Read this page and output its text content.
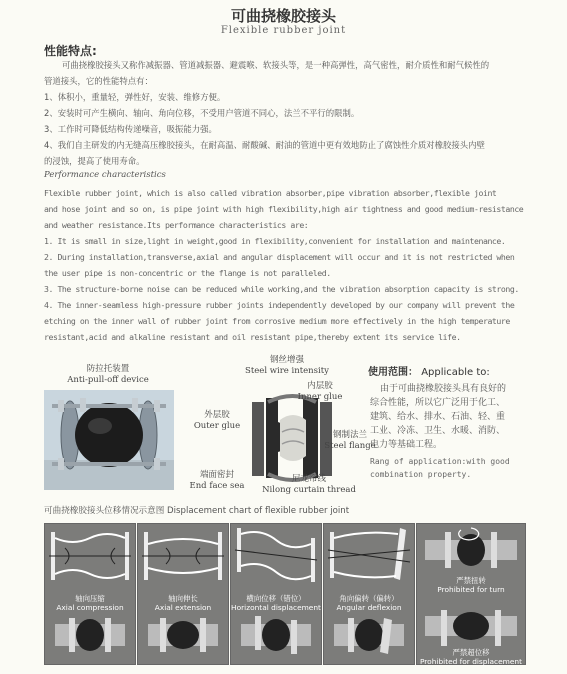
可曲挠橡胶接头
Flexible rubber joint
性能特点:

可曲挠橡胶接头又称作减振器、管道减振器、避震喉、软接头等，是一种高弹性，高气密性，耐介质性和耐气候性的

管道接头，它的性能特点有：

1、体积小，重量轻，弹性好，安装、维修方便。

2、安装时可产生横向、轴向、角向位移，不受用户管道不同心，法兰不平行的限制。

3、工作时可降低结构传递噪音，吸振能力强。

4、我们自主研发的内无缝高压橡胶接头，在耐高温、耐酸碱、耐油的管道中更有效地防止了腐蚀性介质对橡胶接头内壁

的浸蚀，提高了使用寿命。

Performance characteristics

Flexible rubber joint, which is also called vibration absorber,pipe vibration absorber,flexible joint

and hose joint and so on, is pipe joint with high flexibility,high air tightness and good medium-resistance

and weather resistance.Its performance characteristics are:

1. It is small in size,light in weight,good in flexibility,convenient for installation and maintenance.

2. During installation,transverse,axial and angular displacement will occur and it is not restricted when

the user pipe is non-concentric or the flange is not paralleled.

3. The structure-borne noise can be reduced while working,and the vibration absorption capacity is strong.

4. The inner-seamless high-pressure rubber joints independently developed by our company will prevent the

etching on the inner wall of rubber joint from corrosive medium more effectively in the high temperature

resistant,acid and alkaline resistant and oil resistant pipe,thereby extent its service life.

防拉托装置
Anti-pull-off device
钢丝增强
Steel wire intensity
内层胶
Inner glue
外层胶
Outer glue
钢制法兰
Steel flange
端面密封
End face sea
尼龙帘线
Nilong curtain thread
使用范围： Applicable to:

由于可曲挠橡胶接头具有良好的

综合性能，所以它广泛用于化工、

建筑、给水、排水、石油、轻、重

工业、冷冻、卫生、水暖、消防、

电力等基础工程。

Rang of application:with good

combination property.

可曲挠橡胶接头位移情况示意图 Displacement chart of flexible rubber joint
轴向压缩
Axial compression
轴向伸长
Axial extension
横向位移（错位）
Horizontal displacement
角向偏转（偏转）
Angular deflexion
严禁扭转
Prohibited for turn
严禁超位移
Prohibited for displacement
